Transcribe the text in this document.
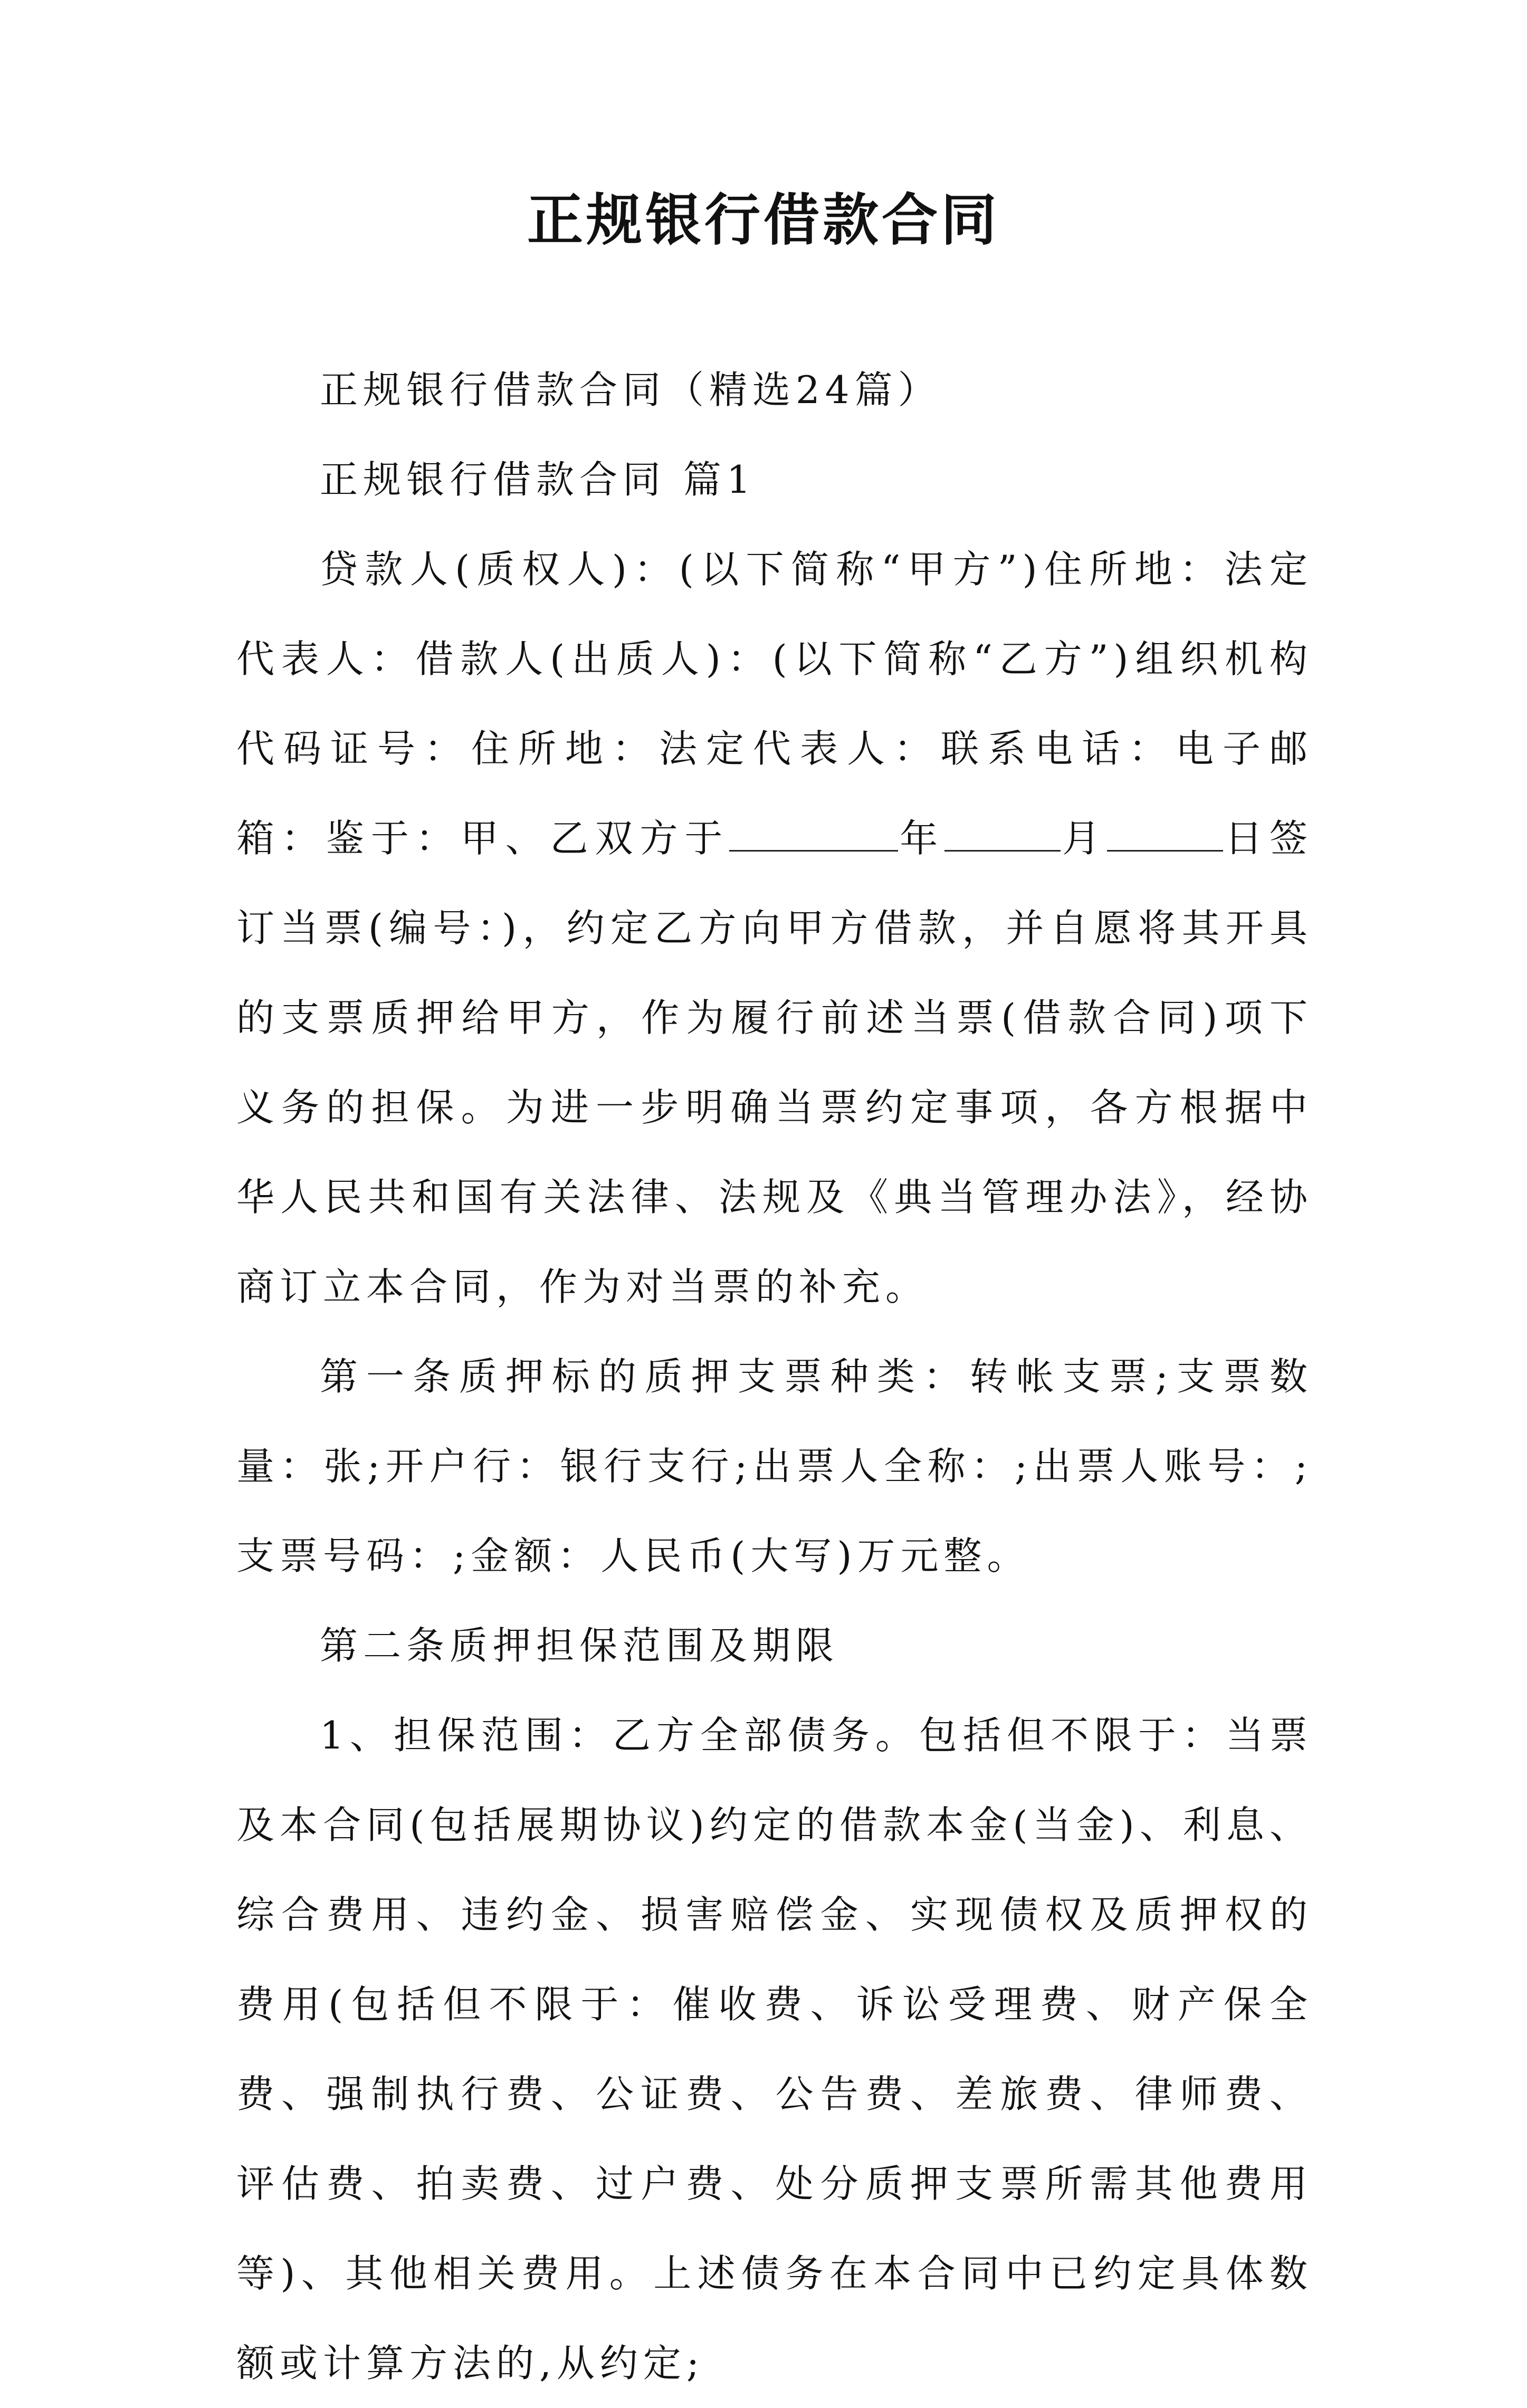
正规银行借款合同

正规银行借款合同（精选24篇）

正规银行借款合同 篇1

贷款人(质权人)：(以下简称“甲方”)住所地：法定代表人：借款人(出质人)：(以下简称“乙方”)组织机构代码证号：住所地：法定代表人：联系电话：电子邮箱：鉴于：甲、乙双方于	年	月	日签订当票(编号：)，约定乙方向甲方借款，并自愿将其开具的支票质押给甲方，作为履行前述当票(借款合同)项下义务的担保。为进一步明确当票约定事项，各方根据中华人民共和国有关法律、法规及《典当管理办法》，经协商订立本合同，作为对当票的补充。

第一条质押标的质押支票种类：转帐支票;支票数量：张;开户行：银行支行;出票人全称：;出票人账号：;支票号码：;金额：人民币(大写)万元整。

第二条质押担保范围及期限

1、担保范围：乙方全部债务。包括但不限于：当票及本合同(包括展期协议)约定的借款本金(当金)、利息、综合费用、违约金、损害赔偿金、实现债权及质押权的费用(包括但不限于：催收费、诉讼受理费、财产保全费、强制执行费、公证费、公告费、差旅费、律师费、评估费、拍卖费、过户费、处分质押支票所需其他费用等)、其他相关费用。上述债务在本合同中已约定具体数额或计算方法的,从约定;
